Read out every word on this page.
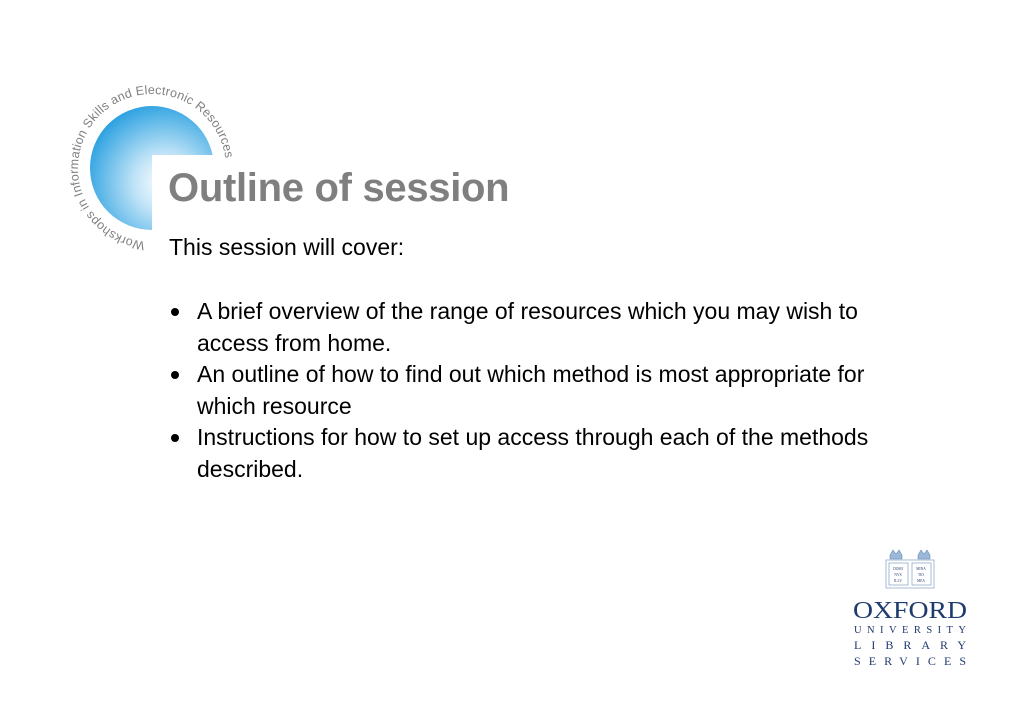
Workshops in Information Skills and Electronic Resources
Outline of session

This session will cover:

A brief overview of the range of resources which you may wish to access from home.
An outline of how to find out which method is most appropriate for which resource
Instructions for how to set up access through each of the methods described.
DOMI
NVS
ILLV
MINA
TIO
MEA
OXFORD
UNIVERSITY
LIBRARY
SERVICES
